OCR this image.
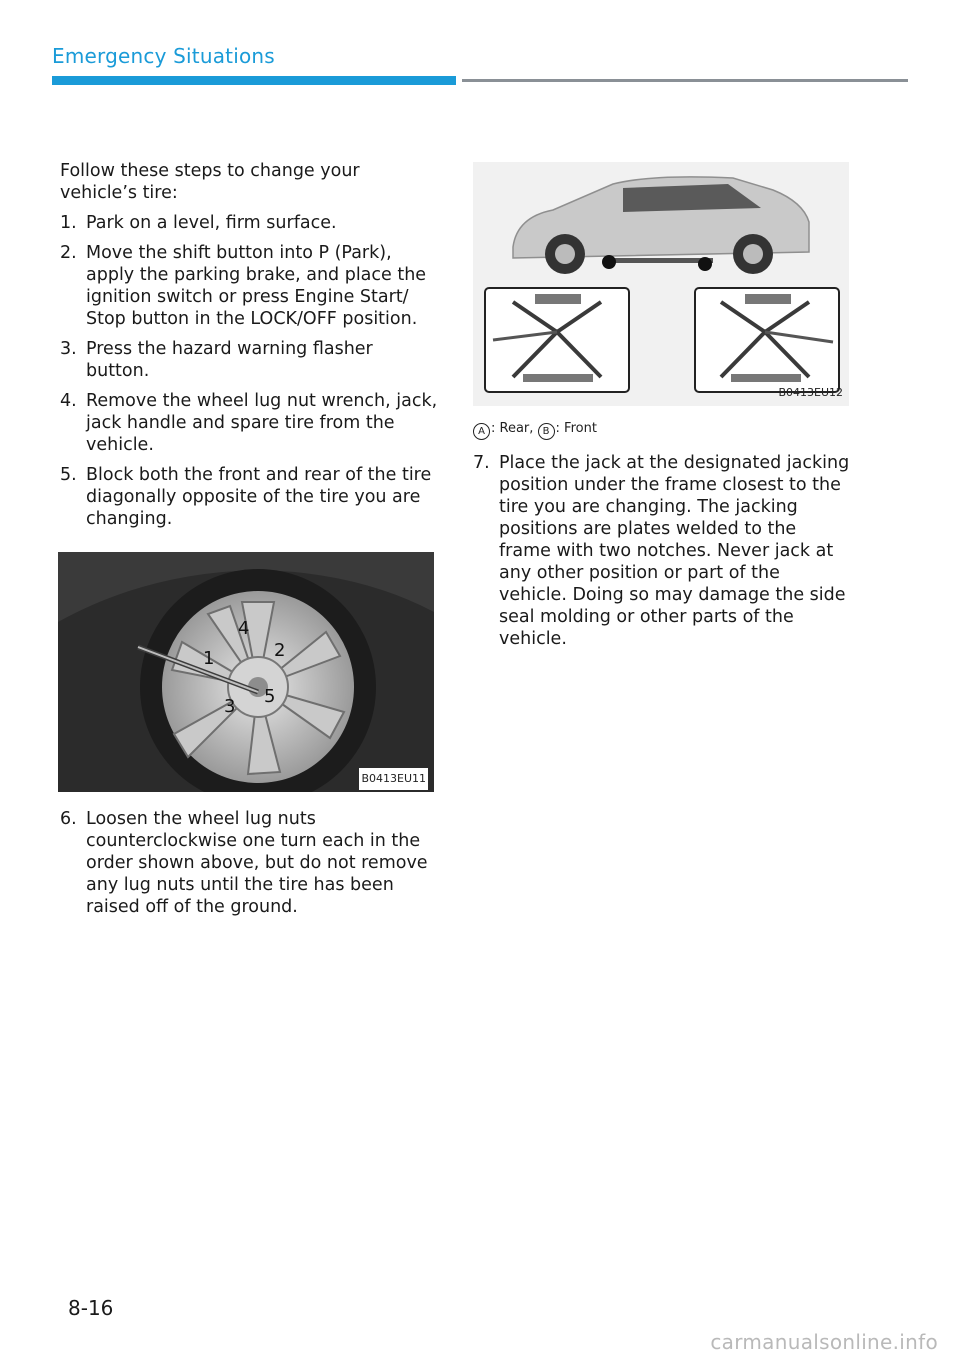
Emergency Situations

Follow these steps to change your vehicle’s tire:

1. Park on a level, firm surface.
2. Move the shift button into P (Park), apply the parking brake, and place the ignition switch or press Engine Start/ Stop button in the LOCK/OFF position.
3. Press the hazard warning flasher button.
4. Remove the wheel lug nut wrench, jack, jack handle and spare tire from the vehicle.
5. Block both the front and rear of the tire diagonally opposite of the tire you are changing.
4
2
1
3 5
B0413EU11
6. Loosen the wheel lug nuts counterclockwise one turn each in the order shown above, but do not remove any lug nuts until the tire has been raised off of the ground.
B0413EU12
A : Rear, B : Front
7. Place the jack at the designated jacking position under the frame closest to the tire you are changing. The jacking positions are plates welded to the frame with two notches. Never jack at any other position or part of the vehicle. Doing so may damage the side seal molding or other parts of the vehicle.
8-16
carmanualsonline.info
